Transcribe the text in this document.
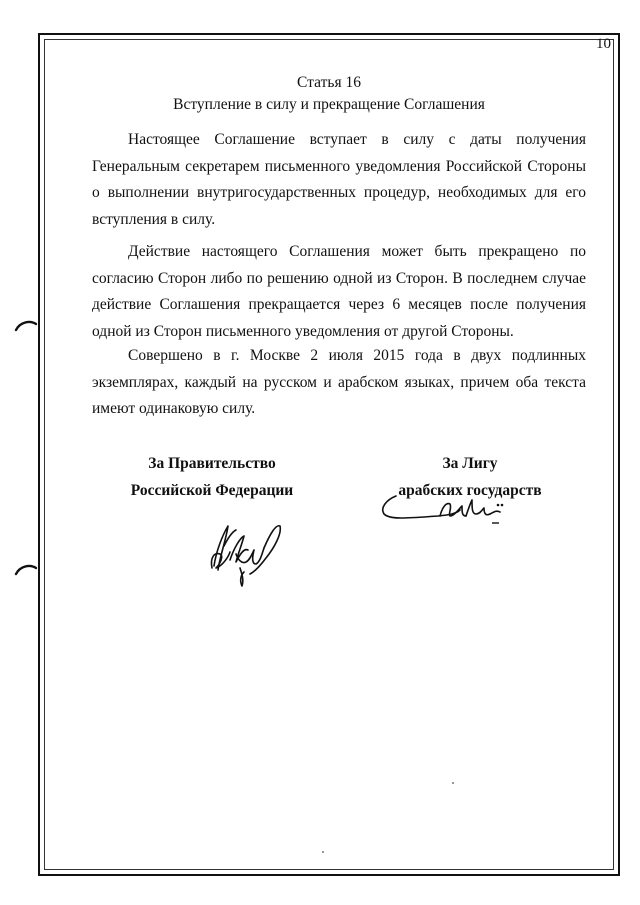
10
Статья 16
Вступление в силу и прекращение Соглашения

Настоящее Соглашение вступает в силу с даты получения Генеральным секретарем письменного уведомления Российской Стороны о выполнении внутригосударственных процедур, необходимых для его вступления в силу.

Действие настоящего Соглашения может быть прекращено по согласию Сторон либо по решению одной из Сторон. В последнем случае действие Соглашения прекращается через 6 месяцев после получения одной из Сторон письменного уведомления от другой Стороны.

Совершено в г. Москве 2 июля 2015 года в двух подлинных экземплярах, каждый на русском и арабском языках, причем оба текста имеют одинаковую силу.

За Правительство
Российской Федерации
За Лигу
арабских государств
